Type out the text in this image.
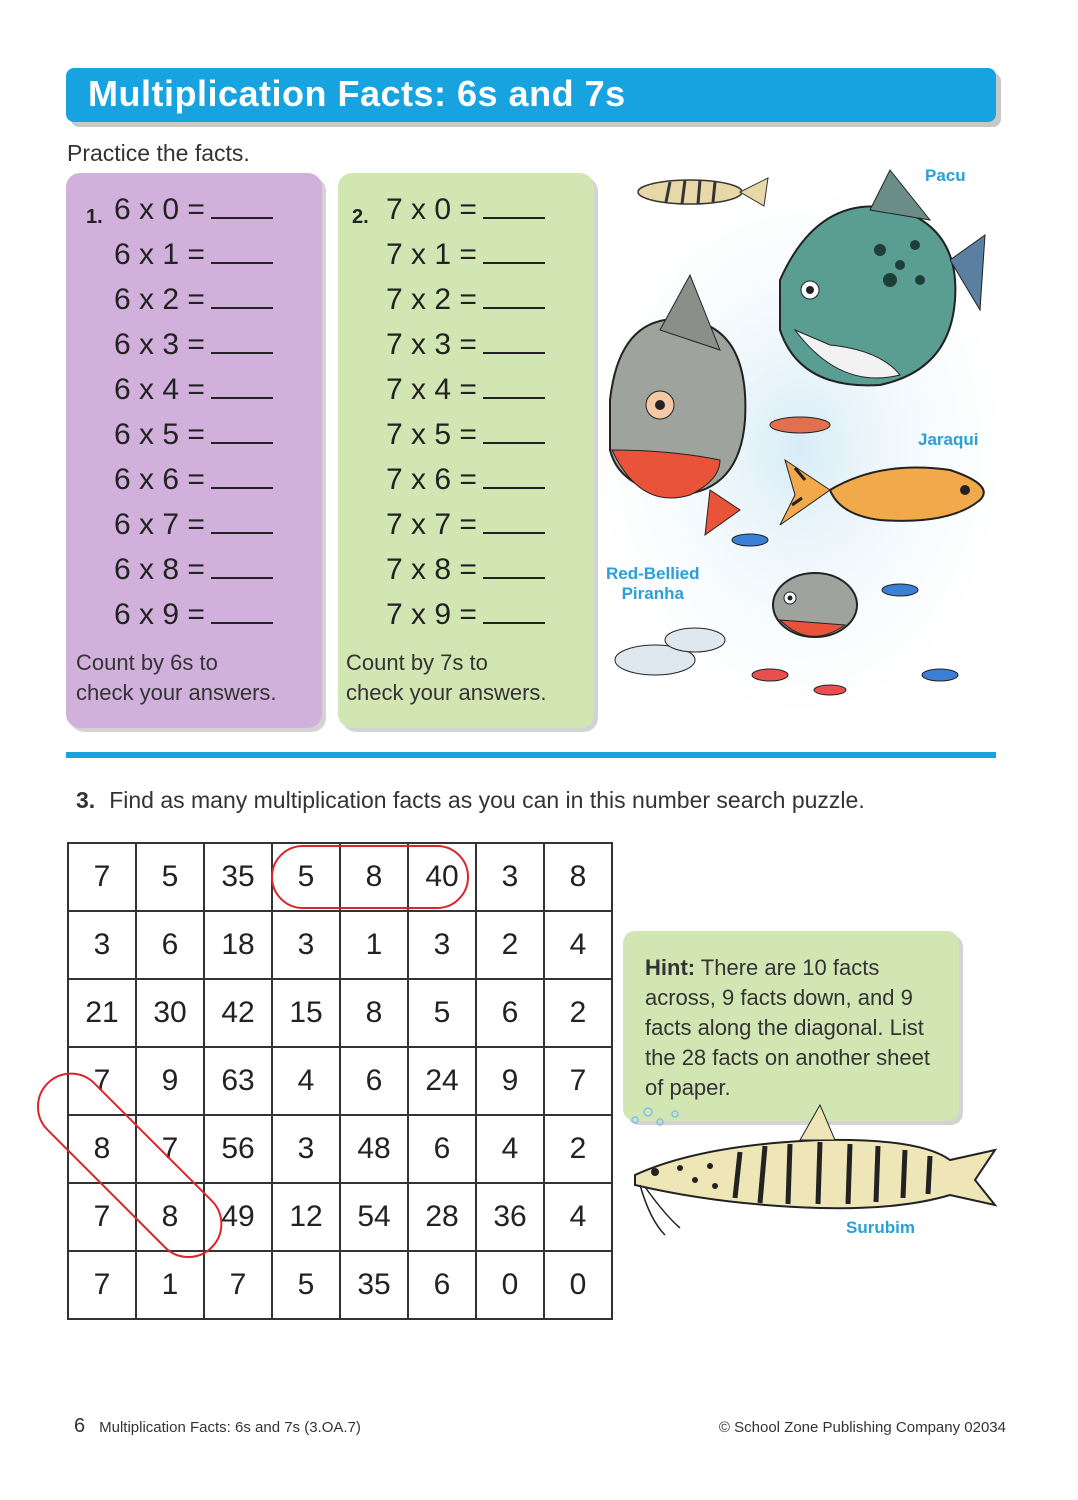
Multiplication Facts: 6s and 7s
Practice the facts.
1. 6 x 0 =
6 x 1 =
6 x 2 =
6 x 3 =
6 x 4 =
6 x 5 =
6 x 6 =
6 x 7 =
6 x 8 =
6 x 9 =
Count by 6s to
check your answers.
2. 7 x 0 =
7 x 1 =
7 x 2 =
7 x 3 =
7 x 4 =
7 x 5 =
7 x 6 =
7 x 7 =
7 x 8 =
7 x 9 =
Count by 7s to
check your answers.
Pacu
Jaraqui
Red-Bellied
Piranha
3. Find as many multiplication facts as you can in this number search puzzle.
7	5	35	5	8	40	3	8
3	6	18	3	1	3	2	4
21	30	42	15	8	5	6	2
7	9	63	4	6	24	9	7
8	7	56	3	48	6	4	2
7	8	49	12	54	28	36	4
7	1	7	5	35	6	0	0
Hint: There are 10 facts across, 9 facts down, and 9 facts along the diagonal. List the 28 facts on another sheet of paper.
Surubim
6 Multiplication Facts: 6s and 7s (3.OA.7)	© School Zone Publishing Company 02034
